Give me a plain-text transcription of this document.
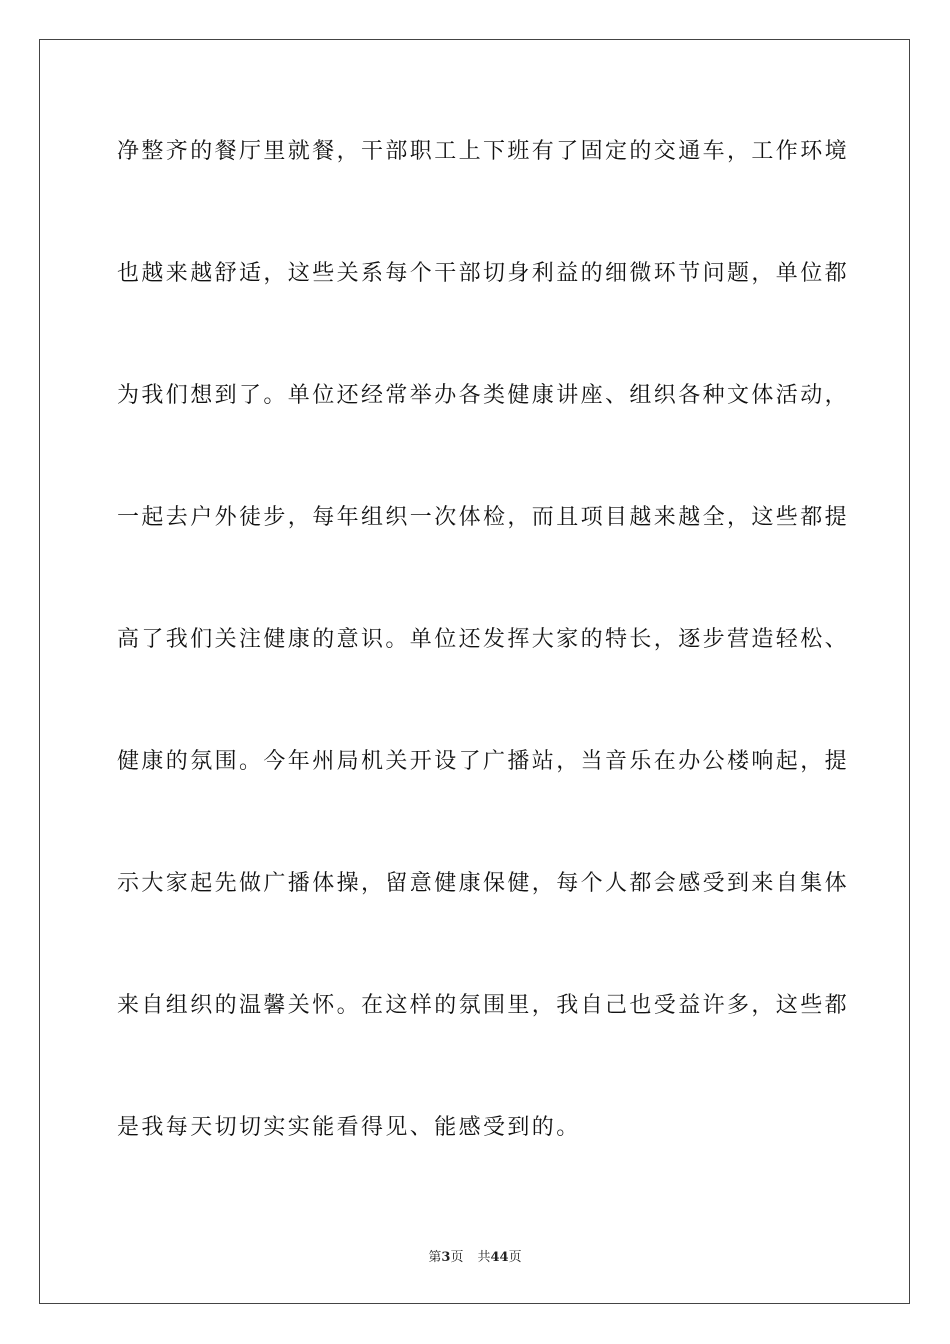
净整齐的餐厅里就餐，干部职工上下班有了固定的交通车，工作环境
也越来越舒适，这些关系每个干部切身利益的细微环节问题，单位都
为我们想到了。单位还经常举办各类健康讲座、组织各种文体活动，
一起去户外徒步，每年组织一次体检，而且项目越来越全，这些都提
高了我们关注健康的意识。单位还发挥大家的特长，逐步营造轻松、
健康的氛围。今年州局机关开设了广播站，当音乐在办公楼响起，提
示大家起先做广播体操，留意健康保健，每个人都会感受到来自集体
来自组织的温馨关怀。在这样的氛围里，我自己也受益许多，这些都
是我每天切切实实能看得见、能感受到的。
第3页 共44页
